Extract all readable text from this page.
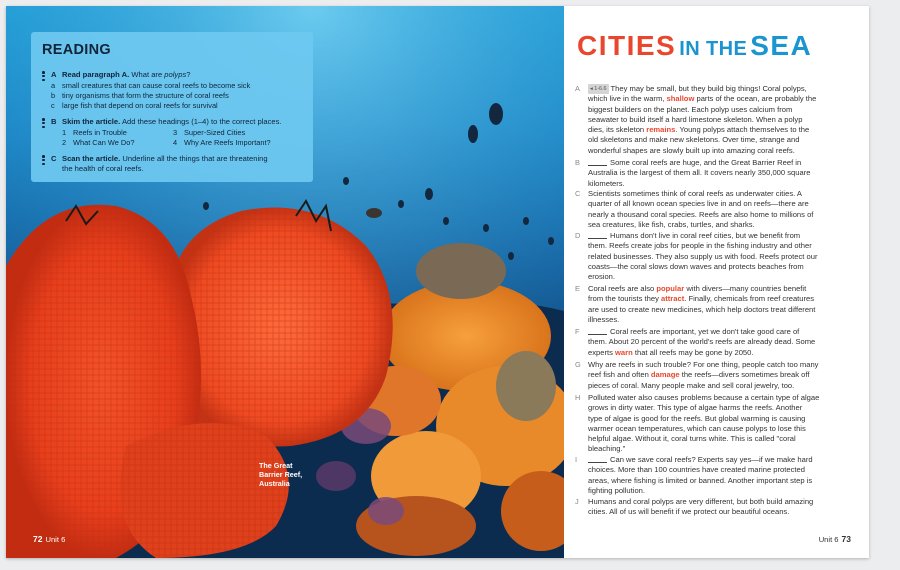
READING
A Read paragraph A. What are polyps?
a small creatures that can cause coral reefs to become sick
b tiny organisms that form the structure of coral reefs
c large fish that depend on coral reefs for survival
B Skim the article. Add these headings (1–4) to the correct places.
1 Reefs in Trouble
2 What Can We Do?
3 Super-Sized Cities
4 Why Are Reefs Important?
C Scan the article. Underline all the things that are threatening
the health of coral reefs.
The Great
Barrier Reef,
Australia
72 Unit 6
CITIES IN THE SEA
A ◂ 1-6.6 They may be small, but they build big things! Coral polyps,
which live in the warm, shallow parts of the ocean, are probably the
biggest builders on the planet. Each polyp uses calcium from
seawater to build itself a hard limestone skeleton. When a polyp
dies, its skeleton remains. Young polyps attach themselves to the
old skeletons and make new skeletons. Over time, strange and
wonderful shapes are slowly built up into amazing coral reefs.
B	Some coral reefs are huge, and the Great Barrier Reef in
Australia is the largest of them all. It covers nearly 350,000 square
kilometers.
C Scientists sometimes think of coral reefs as underwater cities. A
quarter of all known ocean species live in and on reefs—there are
nearly a thousand coral species. Reefs are also home to millions of
sea creatures, like fish, crabs, turtles, and sharks.
D	Humans don't live in coral reef cities, but we benefit from
them. Reefs create jobs for people in the fishing industry and other
related businesses. They also supply us with food. Reefs protect our
coasts—the coral slows down waves and protects beaches from
erosion.
E Coral reefs are also popular with divers—many countries benefit
from the tourists they attract. Finally, chemicals from reef creatures
are used to create new medicines, which help doctors treat different
illnesses.
F	Coral reefs are important, yet we don't take good care of
them. About 20 percent of the world's reefs are already dead. Some
experts warn that all reefs may be gone by 2050.
G Why are reefs in such trouble? For one thing, people catch too many
reef fish and often damage the reefs—divers sometimes break off
pieces of coral. Many people make and sell coral jewelry, too.
H Polluted water also causes problems because a certain type of algae
grows in dirty water. This type of algae harms the reefs. Another
type of algae is good for the reefs. But global warming is causing
warmer ocean temperatures, which can cause polyps to lose this
helpful algae. Without it, coral turns white. This is called "coral
bleaching."
I	Can we save coral reefs? Experts say yes—if we make hard
choices. More than 100 countries have created marine protected
areas, where fishing is limited or banned. Another important step is
fighting pollution.
J Humans and coral polyps are very different, but both build amazing
cities. All of us will benefit if we protect our beautiful oceans.
Unit 6 73
